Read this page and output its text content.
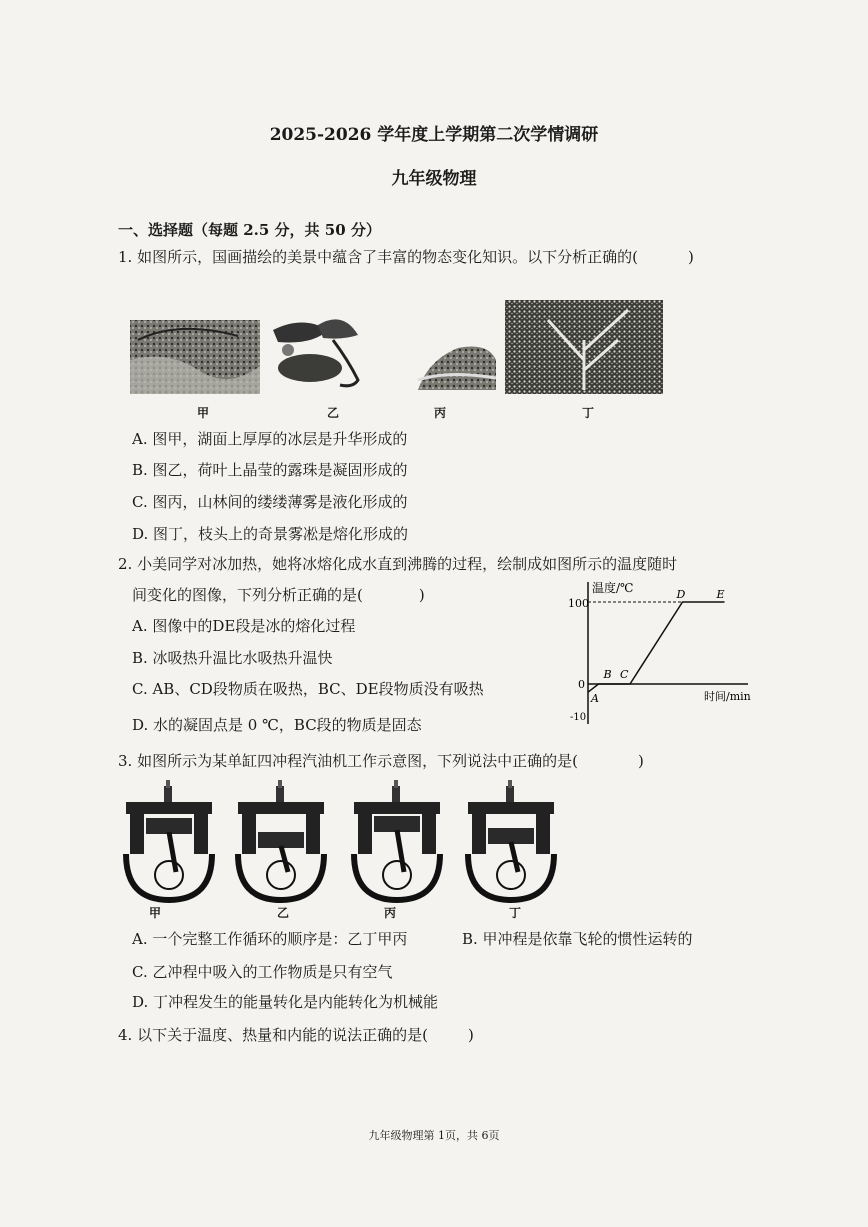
2025-2026 学年度上学期第二次学情调研
九年级物理
一、选择题（每题 2.5 分，共 50 分）
1. 如图所示，国画描绘的美景中蕴含了丰富的物态变化知识。以下分析正确的(	)
甲	乙	丙	丁
A. 图甲，湖面上厚厚的冰层是升华形成的
B. 图乙，荷叶上晶莹的露珠是凝固形成的
C. 图丙，山林间的缕缕薄雾是液化形成的
D. 图丁，枝头上的奇景雾凇是熔化形成的
2. 小美同学对冰加热，她将冰熔化成水直到沸腾的过程，绘制成如图所示的温度随时
间变化的图像，下列分析正确的是(	)
A. 图像中的DE段是冰的熔化过程
B. 冰吸热升温比水吸热升温快
C. AB、CD段物质在吸热，BC、DE段物质没有吸热
D. 水的凝固点是 0 ℃，BC段的物质是固态
温度/℃
时间/min
100
0
-10
A
B C
D	E
3. 如图所示为某单缸四冲程汽油机工作示意图，下列说法中正确的是(	)
甲	乙	丙	丁
A. 一个完整工作循环的顺序是：乙丁甲丙	B. 甲冲程是依靠飞轮的惯性运转的
C. 乙冲程中吸入的工作物质是只有空气
D. 丁冲程发生的能量转化是内能转化为机械能
4. 以下关于温度、热量和内能的说法正确的是(	)
九年级物理第 1页，共 6页
